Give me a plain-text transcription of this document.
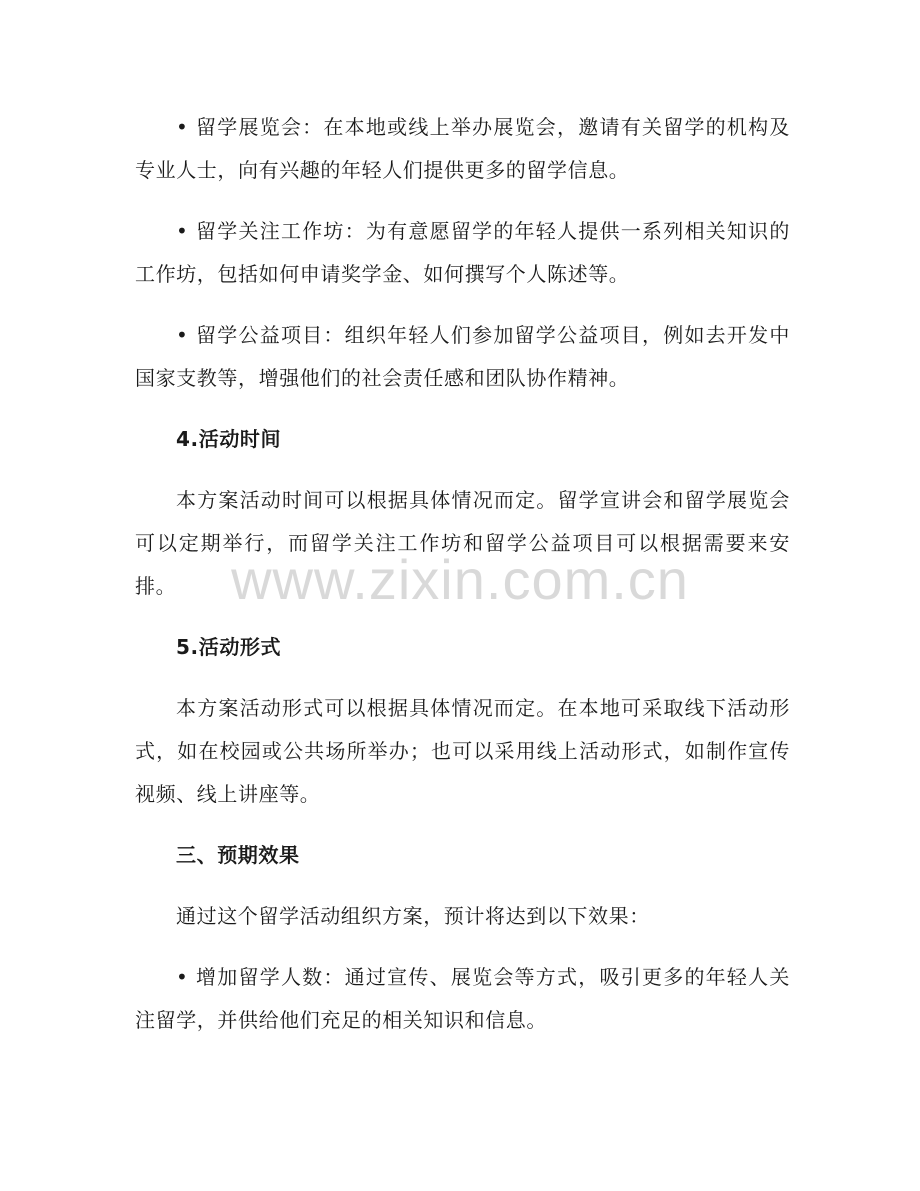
• 留学展览会：在本地或线上举办展览会，邀请有关留学的机构及专业人士，向有兴趣的年轻人们提供更多的留学信息。

• 留学关注工作坊：为有意愿留学的年轻人提供一系列相关知识的工作坊，包括如何申请奖学金、如何撰写个人陈述等。

• 留学公益项目：组织年轻人们参加留学公益项目，例如去开发中国家支教等，增强他们的社会责任感和团队协作精神。

4.活动时间

本方案活动时间可以根据具体情况而定。留学宣讲会和留学展览会可以定期举行，而留学关注工作坊和留学公益项目可以根据需要来安排。

5.活动形式

本方案活动形式可以根据具体情况而定。在本地可采取线下活动形式，如在校园或公共场所举办；也可以采用线上活动形式，如制作宣传视频、线上讲座等。

三、预期效果

通过这个留学活动组织方案，预计将达到以下效果：

• 增加留学人数：通过宣传、展览会等方式，吸引更多的年轻人关注留学，并供给他们充足的相关知识和信息。

www.zixin.com.cn
